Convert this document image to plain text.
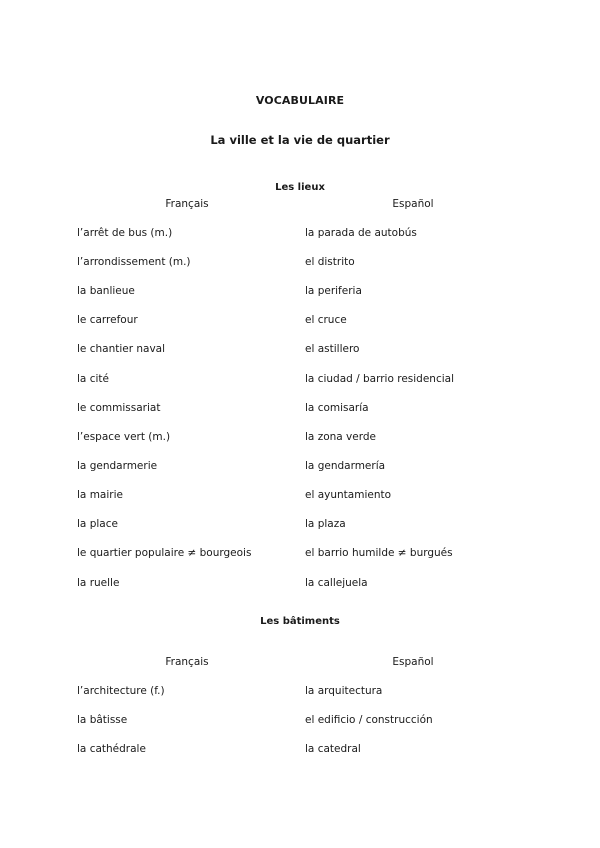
VOCABULAIRE
La ville et la vie de quartier
Les lieux
Français	Español
l’arrêt de bus (m.)	la parada de autobús
l’arrondissement (m.)	el distrito
la banlieue	la periferia
le carrefour	el cruce
le chantier naval	el astillero
la cité	la ciudad / barrio residencial
le commissariat	la comisaría
l’espace vert (m.)	la zona verde
la gendarmerie	la gendarmería
la mairie	el ayuntamiento
la place	la plaza
le quartier populaire ≠ bourgeois	el barrio humilde ≠ burgués
la ruelle	la callejuela
Les bâtiments
Français	Español
l’architecture (f.)	la arquitectura
la bâtisse	el edificio / construcción
la cathédrale	la catedral
